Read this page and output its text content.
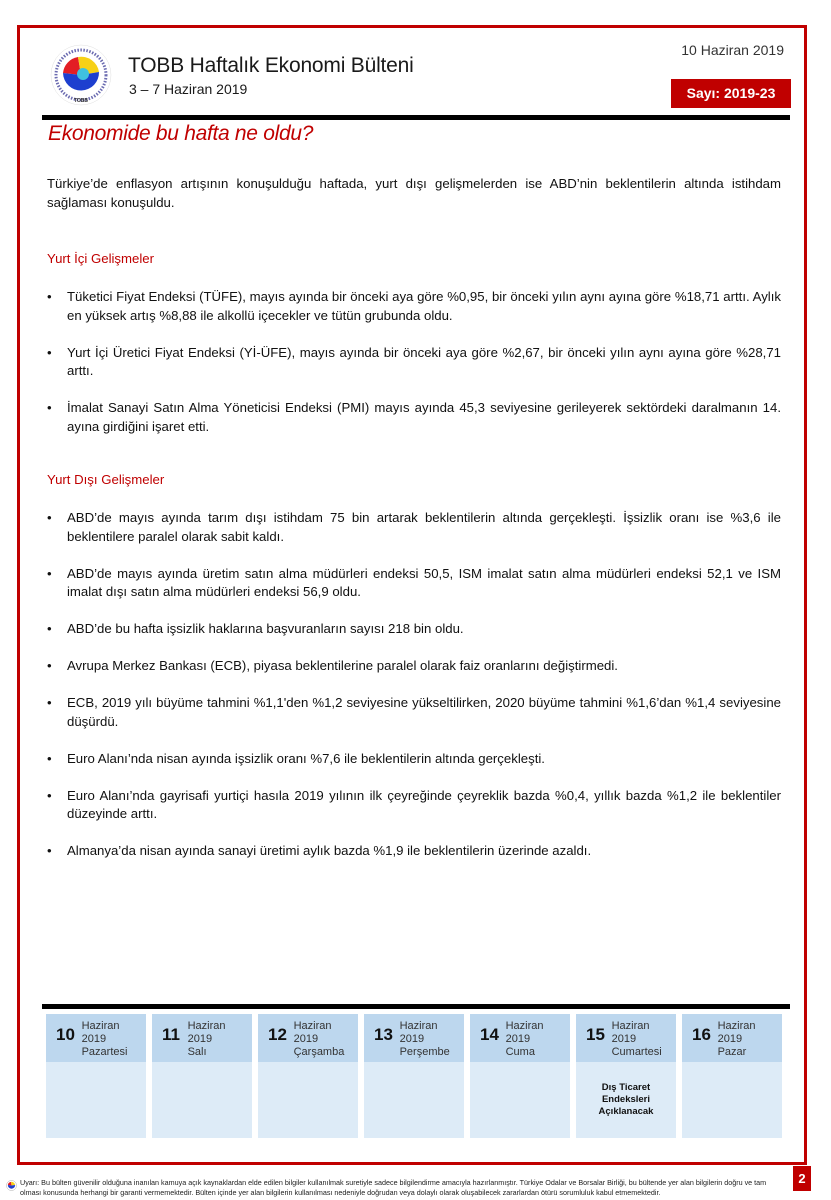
TOBB
TOBB Haftalık Ekonomi Bülteni
3 – 7 Haziran 2019
10 Haziran 2019
Sayı: 2019-23
Ekonomide bu hafta ne oldu?

Türkiye’de enflasyon artışının konuşulduğu haftada, yurt dışı gelişmelerden ise ABD’nin beklentilerin altında istihdam sağlaması konuşuldu.

Yurt İçi Gelişmeler

• Tüketici Fiyat Endeksi (TÜFE), mayıs ayında bir önceki aya göre %0,95, bir önceki yılın aynı ayına göre %18,71 arttı. Aylık en yüksek artış %8,88 ile alkollü içecekler ve tütün grubunda oldu.
• Yurt İçi Üretici Fiyat Endeksi (Yİ-ÜFE), mayıs ayında bir önceki aya göre %2,67, bir önceki yılın aynı ayına göre %28,71 arttı.
• İmalat Sanayi Satın Alma Yöneticisi Endeksi (PMI) mayıs ayında 45,3 seviyesine gerileyerek sektördeki daralmanın 14. ayına girdiğini işaret etti.

Yurt Dışı Gelişmeler

• ABD’de mayıs ayında tarım dışı istihdam 75 bin artarak beklentilerin altında gerçekleşti. İşsizlik oranı ise %3,6 ile beklentilere paralel olarak sabit kaldı.
• ABD’de mayıs ayında üretim satın alma müdürleri endeksi 50,5, ISM imalat satın alma müdürleri endeksi 52,1 ve ISM imalat dışı satın alma müdürleri endeksi 56,9 oldu.
• ABD’de bu hafta işsizlik haklarına başvuranların sayısı 218 bin oldu.
• Avrupa Merkez Bankası (ECB), piyasa beklentilerine paralel olarak faiz oranlarını değiştirmedi.
• ECB, 2019 yılı büyüme tahmini %1,1'den %1,2 seviyesine yükseltilirken, 2020 büyüme tahmini %1,6’dan %1,4 seviyesine düşürdü.
• Euro Alanı’nda nisan ayında işsizlik oranı %7,6 ile beklentilerin altında gerçekleşti.
• Euro Alanı’nda gayrisafi yurtiçi hasıla 2019 yılının ilk çeyreğinde çeyreklik bazda %0,4, yıllık bazda %1,2 ile beklentiler düzeyinde arttı.
• Almanya’da nisan ayında sanayi üretimi aylık bazda %1,9 ile beklentilerin üzerinde azaldı.
10 Haziran 2019
Pazartesi
11 Haziran 2019
Salı
12 Haziran 2019
Çarşamba
13 Haziran 2019
Perşembe
14 Haziran 2019
Cuma
15 Haziran 2019
Cumartesi
Dış Ticaret Endeksleri Açıklanacak
16 Haziran 2019
Pazar
Uyarı: Bu bülten güvenilir olduğuna inanılan kamuya açık kaynaklardan elde edilen bilgiler kullanılmak suretiyle sadece bilgilendirme amacıyla hazırlanmıştır. Türkiye Odalar ve Borsalar Birliği, bu bültende yer alan bilgilerin doğru ve tam olması konusunda herhangi bir garanti vermemektedir. Bülten içinde yer alan bilgilerin kullanılması nedeniyle doğrudan veya dolaylı olarak oluşabilecek zararlardan ötürü sorumluluk kabul etmemektedir.
2
